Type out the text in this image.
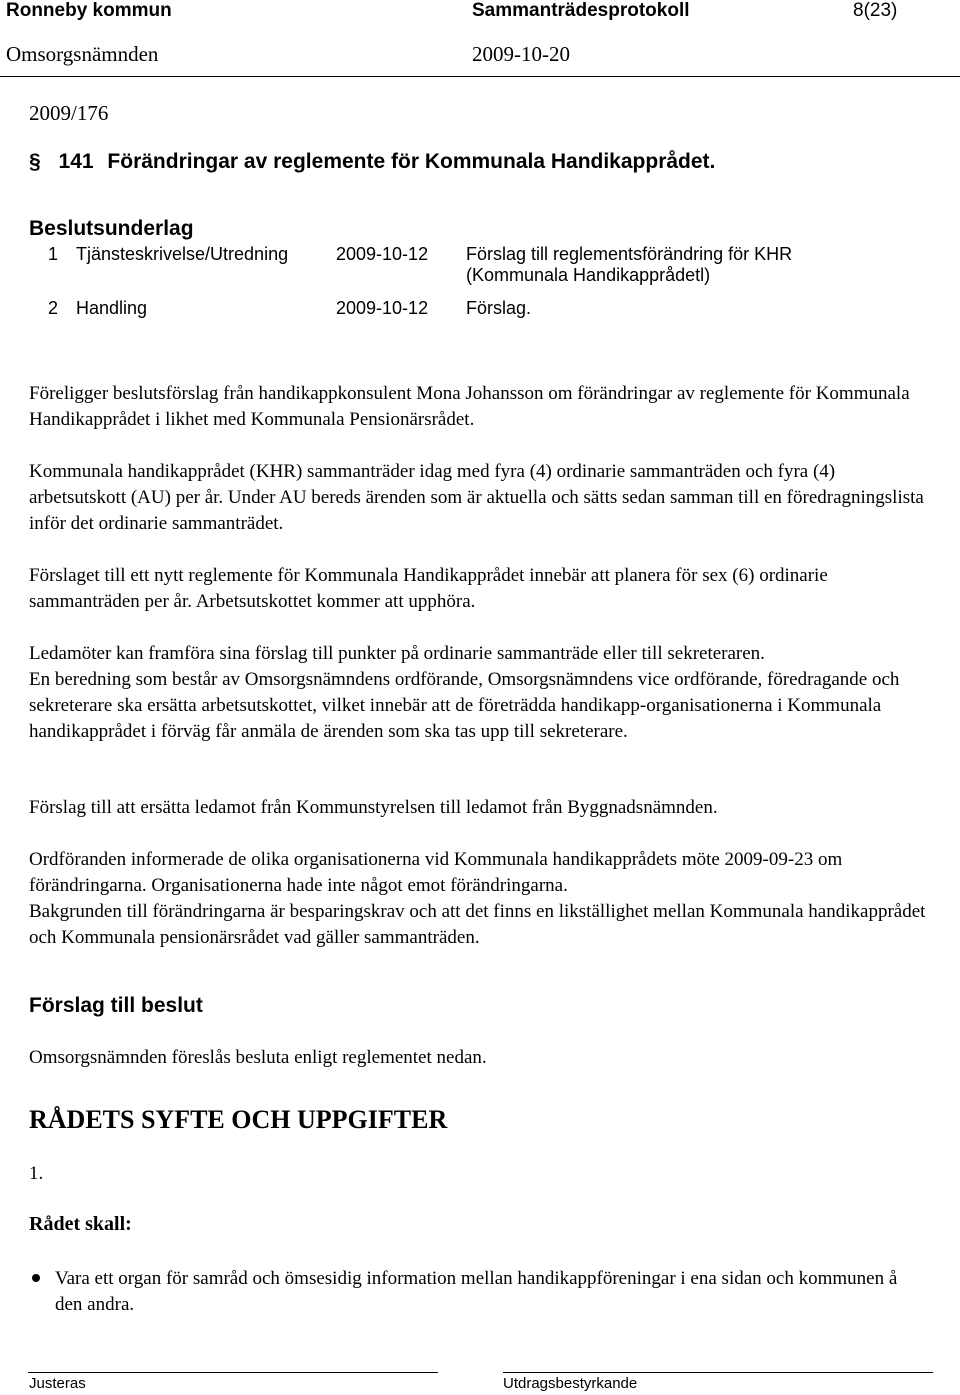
Ronneby kommun	Sammanträdesprotokoll	8(23)
Omsorgsnämnden	2009-10-20
2009/176
§ 141 Förändringar av reglemente för Kommunala Handikapprådet.
Beslutsunderlag
1 Tjänsteskrivelse/Utredning	2009-10-12 Förslag till reglementsförändring för KHR
(Kommunala Handikapprådetl)
2 Handling	2009-10-12 Förslag.

Föreligger beslutsförslag från handikappkonsulent Mona Johansson om förändringar av reglemente för Kommunala Handikapprådet i likhet med Kommunala Pensionärsrådet.

Kommunala handikapprådet (KHR) sammanträder idag med fyra (4) ordinarie sammanträden och fyra (4) arbetsutskott (AU) per år. Under AU bereds ärenden som är aktuella och sätts sedan samman till en föredragningslista inför det ordinarie sammanträdet.

Förslaget till ett nytt reglemente för Kommunala Handikapprådet innebär att planera för sex (6) ordinarie sammanträden per år. Arbetsutskottet kommer att upphöra.

Ledamöter kan framföra sina förslag till punkter på ordinarie sammanträde eller till sekreteraren.

En beredning som består av Omsorgsnämndens ordförande, Omsorgsnämndens vice ordförande, föredragande och sekreterare ska ersätta arbetsutskottet, vilket innebär att de företrädda handikapp-organisationerna i Kommunala handikapprådet i förväg får anmäla de ärenden som ska tas upp till sekreterare.

Förslag till att ersätta ledamot från Kommunstyrelsen till ledamot från Byggnadsnämnden.

Ordföranden informerade de olika organisationerna vid Kommunala handikapprådets möte 2009-09-23 om förändringarna. Organisationerna hade inte något emot förändringarna.

Bakgrunden till förändringarna är besparingskrav och att det finns en likställighet mellan Kommunala handikapprådet och Kommunala pensionärsrådet vad gäller sammanträden.

Förslag till beslut

Omsorgsnämnden föreslås besluta enligt reglementet nedan.

RÅDETS SYFTE OCH UPPGIFTER
1.
Rådet skall:

Vara ett organ för samråd och ömsesidig information mellan handikappföreningar i ena sidan och kommunen å den andra.

Justeras	Utdragsbestyrkande
